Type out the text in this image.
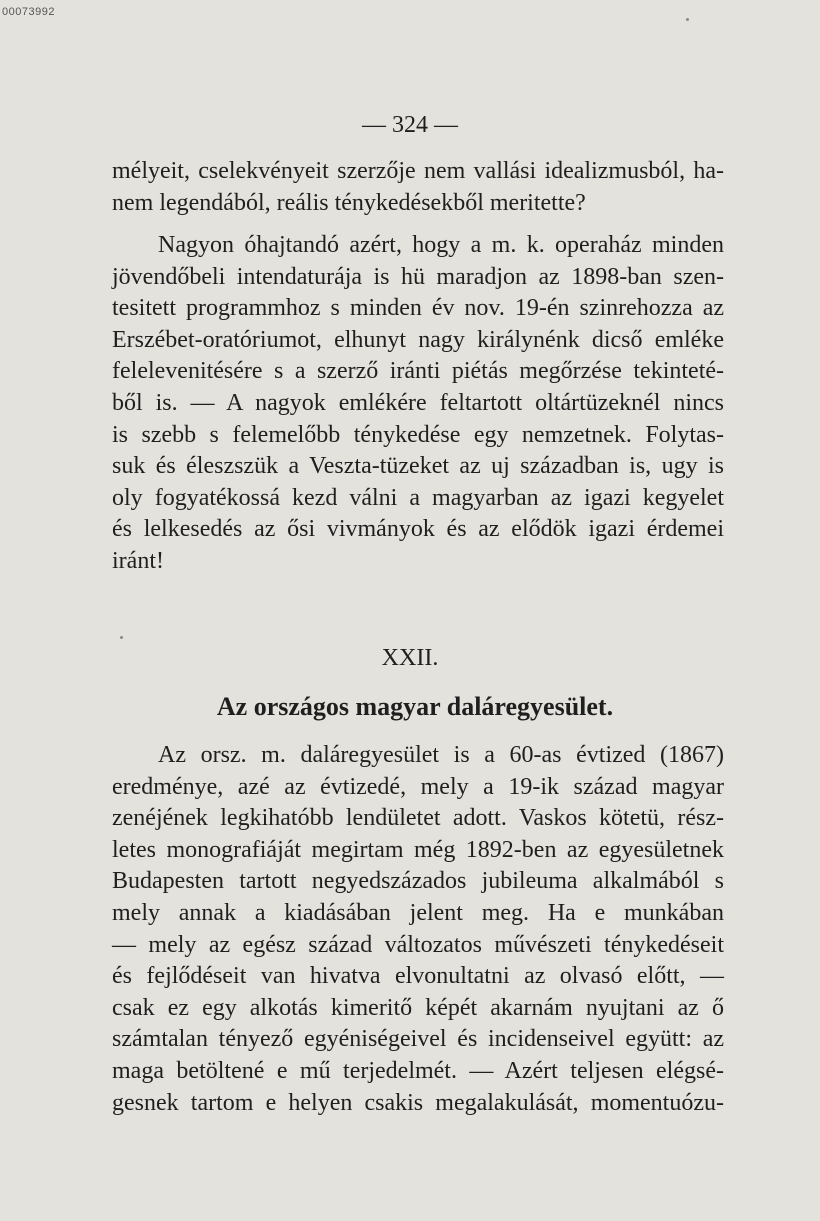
00073992
— 324 —
mélyeit, cselekvényeit szerzője nem vallási idealizmusból, ha-
nem legendából, reális ténykedésekből meritette?
Nagyon óhajtandó azért, hogy a m. k. operaház minden
jövendőbeli intendaturája is hü maradjon az 1898-ban szen-
tesitett programmhoz s minden év nov. 19-én szinrehozza az
Erszébet-oratóriumot, elhunyt nagy királynénk dicső emléke
felelevenitésére s a szerző iránti piétás megőrzése tekinteté-
ből is. — A nagyok emlékére feltartott oltártüzeknél nincs
is szebb s felemelőbb ténykedése egy nemzetnek. Folytas-
suk és éleszszük a Veszta-tüzeket az uj században is, ugy is
oly fogyatékossá kezd válni a magyarban az igazi kegyelet
és lelkesedés az ősi vivmányok és az elődök igazi érdemei
iránt!
XXII.
Az országos magyar daláregyesület.
Az orsz. m. daláregyesület is a 60-as évtized (1867)
eredménye, azé az évtizedé, mely a 19-ik század magyar
zenéjének legkihatóbb lendületet adott. Vaskos kötetü, rész-
letes monografiáját megirtam még 1892-ben az egyesületnek
Budapesten tartott negyedszázados jubileuma alkalmából s
mely annak a kiadásában jelent meg. Ha e munkában
— mely az egész század változatos művészeti ténykedéseit
és fejlődéseit van hivatva elvonultatni az olvasó előtt, —
csak ez egy alkotás kimeritő képét akarnám nyujtani az ő
számtalan tényező egyéniségeivel és incidenseivel együtt: az
maga betöltené e mű terjedelmét. — Azért teljesen elégsé-
gesnek tartom e helyen csakis megalakulását, momentuózu-
